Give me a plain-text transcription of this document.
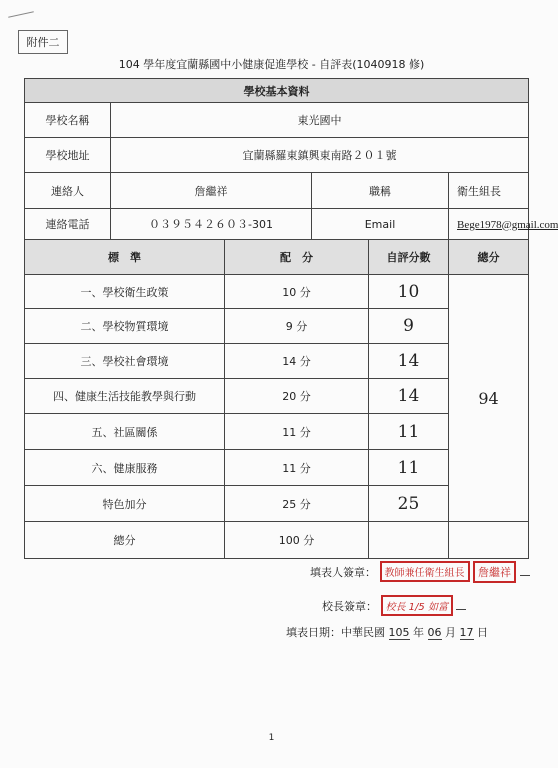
附件二
104 學年度宜蘭縣國中小健康促進學校 - 自評表(1040918 修)
學校基本資料					
學校名稱	東光國中				
學校地址	宜蘭縣羅東鎮興東南路２０１號				
連絡人	詹繼祥		職稱		衛生組長
連絡電話	０３９５４２６０３-301		Email		Bege1978@gmail.com
標　準		配　分		自評分數	總分
一、學校衛生政策		10 分		10	94
二、學校物質環境		9 分		9	
三、學校社會環境		14 分		14	
四、健康生活技能教學與行動		20 分		14	
五、社區關係		11 分		11	
六、健康服務		11 分		11	
特色加分		25 分		25	
總分		100 分			
填表人簽章： 教師兼任衛生組長 詹繼祥
校長簽章： 校長 1/5 如富
填表日期：中華民國 105 年 06 月 17 日
1
